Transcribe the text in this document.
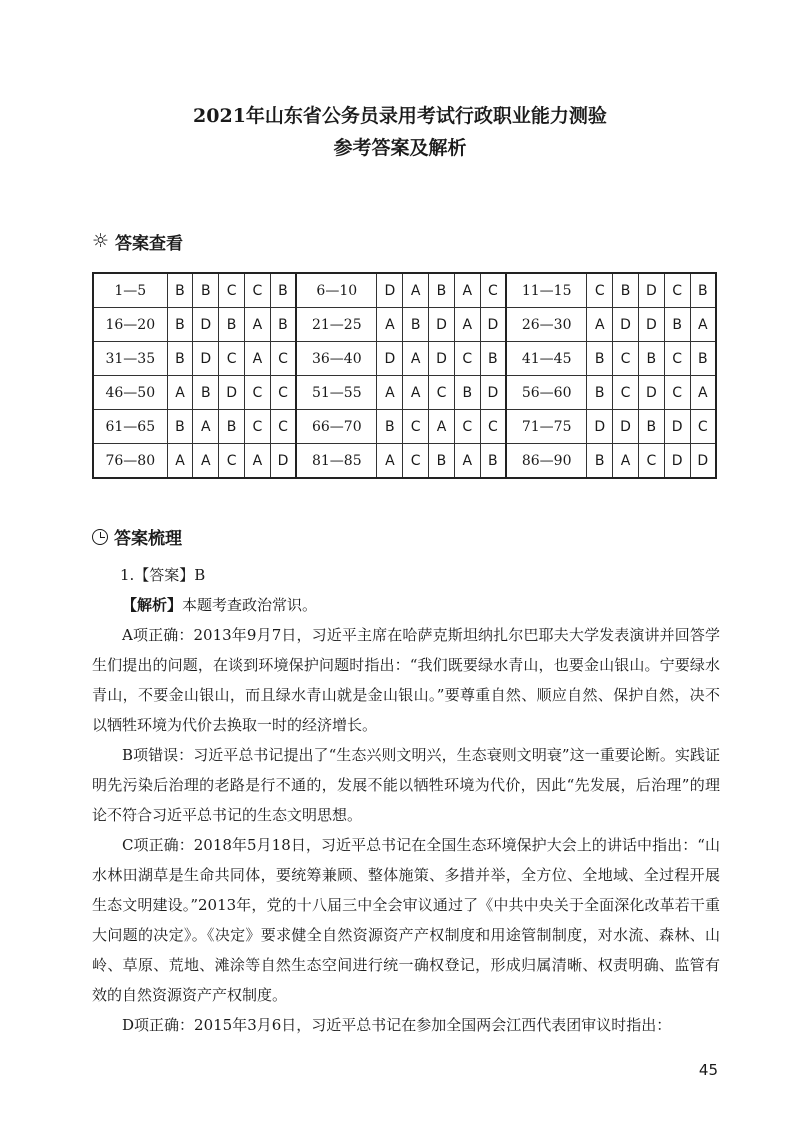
2021年山东省公务员录用考试行政职业能力测验
参考答案及解析
☼ 答案查看
1—5	B	B	C	C	B	6—10	D	A	B	A	C	11—15	C	B	D	C	B
16—20	B	D	B	A	B	21—25	A	B	D	A	D	26—30	A	D	D	B	A
31—35	B	D	C	A	C	36—40	D	A	D	C	B	41—45	B	C	B	C	B
46—50	A	B	D	C	C	51—55	A	A	C	B	D	56—60	B	C	D	C	A
61—65	B	A	B	C	C	66—70	B	C	A	C	C	71—75	D	D	B	D	C
76—80	A	A	C	A	D	81—85	A	C	B	A	B	86—90	B	A	C	D	D
答案梳理

1.【答案】B

【解析】本题考查政治常识。

A项正确：2013年9月7日，习近平主席在哈萨克斯坦纳扎尔巴耶夫大学发表演讲并回答学生们提出的问题，在谈到环境保护问题时指出：“我们既要绿水青山，也要金山银山。宁要绿水青山，不要金山银山，而且绿水青山就是金山银山。”要尊重自然、顺应自然、保护自然，决不以牺牲环境为代价去换取一时的经济增长。

B项错误：习近平总书记提出了“生态兴则文明兴，生态衰则文明衰”这一重要论断。实践证明先污染后治理的老路是行不通的，发展不能以牺牲环境为代价，因此“先发展，后治理”的理论不符合习近平总书记的生态文明思想。

C项正确：2018年5月18日，习近平总书记在全国生态环境保护大会上的讲话中指出：“山水林田湖草是生命共同体，要统筹兼顾、整体施策、多措并举，全方位、全地域、全过程开展生态文明建设。”2013年，党的十八届三中全会审议通过了《中共中央关于全面深化改革若干重大问题的决定》。《决定》要求健全自然资源资产产权制度和用途管制制度，对水流、森林、山岭、草原、荒地、滩涂等自然生态空间进行统一确权登记，形成归属清晰、权责明确、监管有效的自然资源资产产权制度。

D项正确：2015年3月6日，习近平总书记在参加全国两会江西代表团审议时指出：

45
